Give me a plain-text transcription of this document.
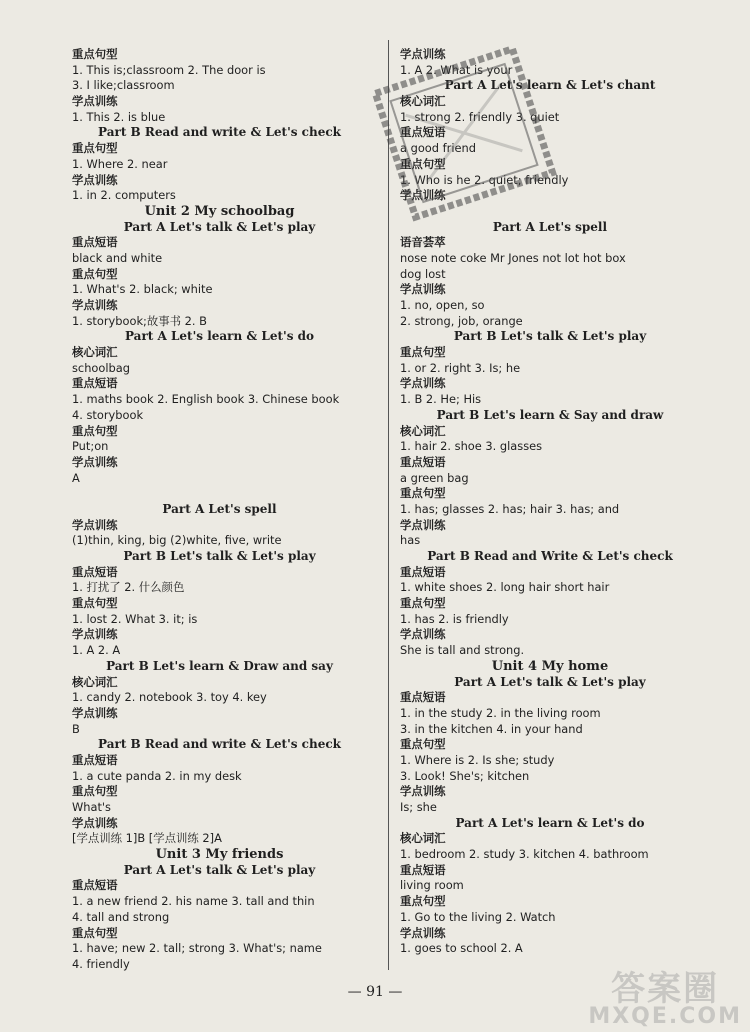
重点句型
1. This is;classroom 2. The door is
3. I like;classroom
学点训练
1. This 2. is blue
Part B Read and write & Let's check
重点句型
1. Where 2. near
学点训练
1. in 2. computers
Unit 2 My schoolbag
Part A Let's talk & Let's play
重点短语
black and white
重点句型
1. What's 2. black; white
学点训练
1. storybook;故事书 2. B
Part A Let's learn & Let's do
核心词汇
schoolbag
重点短语
1. maths book 2. English book 3. Chinese book
4. storybook
重点句型
Put;on
学点训练
A
Part A Let's spell
学点训练
(1)thin, king, big (2)white, five, write
Part B Let's talk & Let's play
重点短语
1. 打扰了 2. 什么颜色
重点句型
1. lost 2. What 3. it; is
学点训练
1. A 2. A
Part B Let's learn & Draw and say
核心词汇
1. candy 2. notebook 3. toy 4. key
学点训练
B
Part B Read and write & Let's check
重点短语
1. a cute panda 2. in my desk
重点句型
What's
学点训练
[学点训练 1]B [学点训练 2]A
Unit 3 My friends
Part A Let's talk & Let's play
重点短语
1. a new friend 2. his name 3. tall and thin
4. tall and strong
重点句型
1. have; new 2. tall; strong 3. What's; name
4. friendly
学点训练
1. A 2. What is your
Part A Let's learn & Let's chant
核心词汇
1. strong 2. friendly 3. quiet
重点短语
a good friend
重点句型
1. Who is he 2. quiet; friendly
学点训练
Part A Let's spell
语音荟萃
nose note coke Mr Jones not lot hot box
dog lost
学点训练
1. no, open, so
2. strong, job, orange
Part B Let's talk & Let's play
重点句型
1. or 2. right 3. Is; he
学点训练
1. B 2. He; His
Part B Let's learn & Say and draw
核心词汇
1. hair 2. shoe 3. glasses
重点短语
a green bag
重点句型
1. has; glasses 2. has; hair 3. has; and
学点训练
has
Part B Read and Write & Let's check
重点短语
1. white shoes 2. long hair short hair
重点句型
1. has 2. is friendly
学点训练
She is tall and strong.
Unit 4 My home
Part A Let's talk & Let's play
重点短语
1. in the study 2. in the living room
3. in the kitchen 4. in your hand
重点句型
1. Where is 2. Is she; study
3. Look! She's; kitchen
学点训练
Is; she
Part A Let's learn & Let's do
核心词汇
1. bedroom 2. study 3. kitchen 4. bathroom
重点短语
living room
重点句型
1. Go to the living 2. Watch
学点训练
1. goes to school 2. A
— 91 —	答案圈
MXQE.COM
